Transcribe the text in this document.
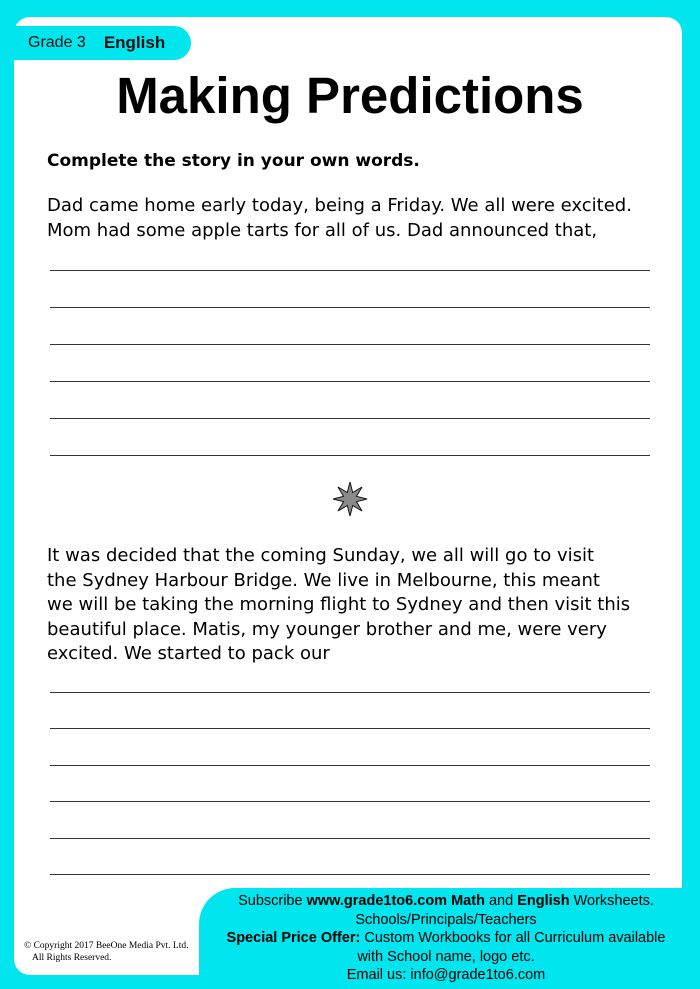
Grade 3 English
Making Predictions
Complete the story in your own words.

Dad came home early today, being a Friday. We all were excited.

Mom had some apple tarts for all of us. Dad announced that,

It was decided that the coming Sunday, we all will go to visit

the Sydney Harbour Bridge. We live in Melbourne, this meant

we will be taking the morning flight to Sydney and then visit this

beautiful place. Matis, my younger brother and me, were very

excited. We started to pack our

Subscribe www.grade1to6.com Math and English Worksheets.
Schools/Principals/Teachers
Special Price Offer: Custom Workbooks for all Curriculum available
with School name, logo etc.
Email us: info@grade1to6.com
© Copyright 2017 BeeOne Media Pvt. Ltd.
All Rights Reserved.
